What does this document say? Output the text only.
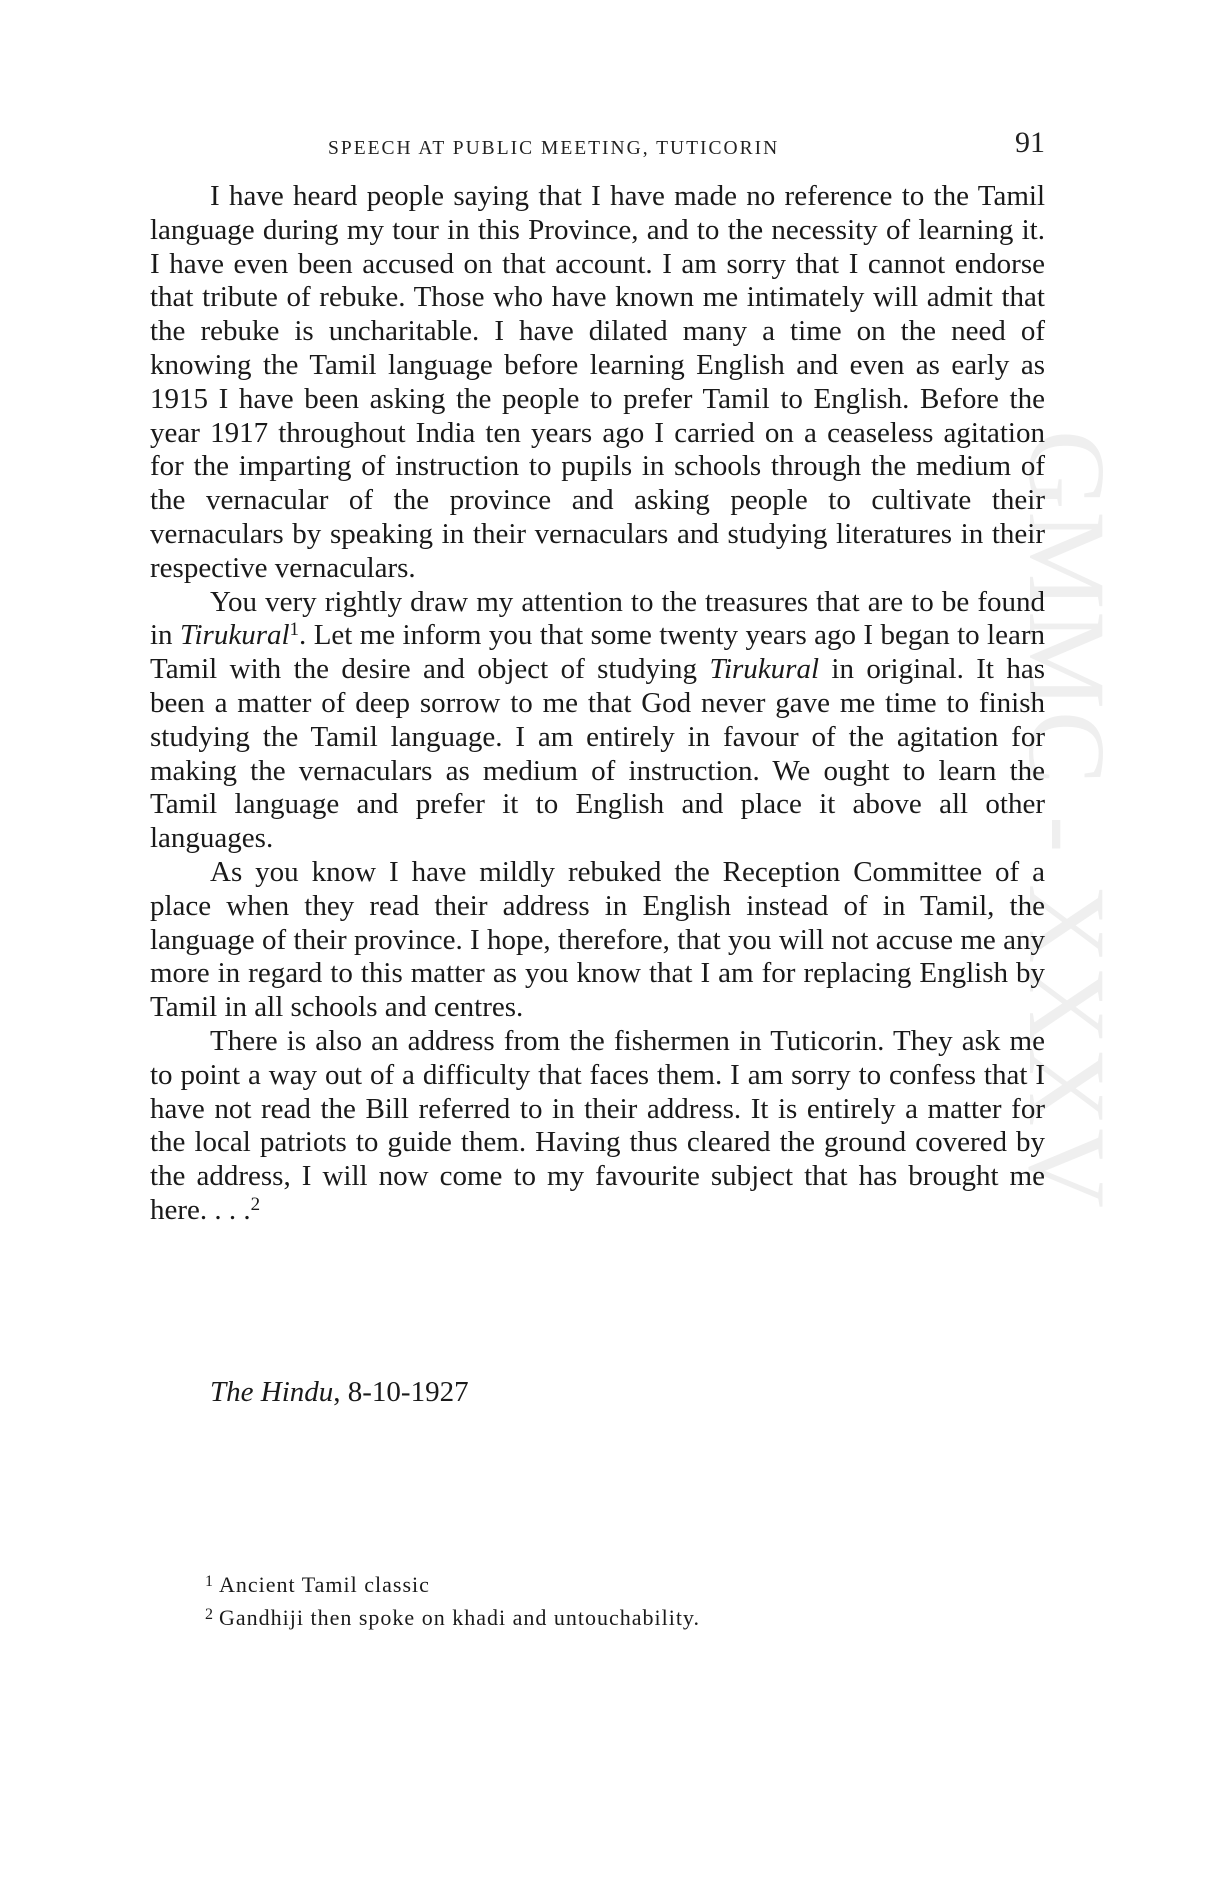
GMMC - XXXV
SPEECH AT PUBLIC MEETING, TUTICORIN	91

I have heard people saying that I have made no reference to the Tamil language during my tour in this Province, and to the necessity of learning it. I have even been accused on that account. I am sorry that I cannot endorse that tribute of rebuke. Those who have known me intimately will admit that the rebuke is uncharitable. I have dilated many a time on the need of knowing the Tamil language before learning English and even as early as 1915 I have been asking the people to prefer Tamil to English. Before the year 1917 throughout India ten years ago I carried on a ceaseless agitation for the imparting of instruction to pupils in schools through the medium of the vernacular of the province and asking people to cultivate their vernaculars by speaking in their vernaculars and studying literatures in their respective vernaculars.

You very rightly draw my attention to the treasures that are to be found in Tirukural$^1$. Let me inform you that some twenty years ago I began to learn Tamil with the desire and object of studying Tirukural in original. It has been a matter of deep sorrow to me that God never gave me time to finish studying the Tamil language. I am entirely in favour of the agitation for making the vernaculars as medium of instruction. We ought to learn the Tamil language and prefer it to English and place it above all other languages.

As you know I have mildly rebuked the Reception Committee of a place when they read their address in English instead of in Tamil, the language of their province. I hope, therefore, that you will not accuse me any more in regard to this matter as you know that I am for replacing English by Tamil in all schools and centres.

There is also an address from the fishermen in Tuticorin. They ask me to point a way out of a difficulty that faces them. I am sorry to confess that I have not read the Bill referred to in their address. It is entirely a matter for the local patriots to guide them. Having thus cleared the ground covered by the address, I will now come to my favourite subject that has brought me here. . . .$^2$

The Hindu, 8-10-1927
$^1$ Ancient Tamil classic
$^2$ Gandhiji then spoke on khadi and untouchability.
